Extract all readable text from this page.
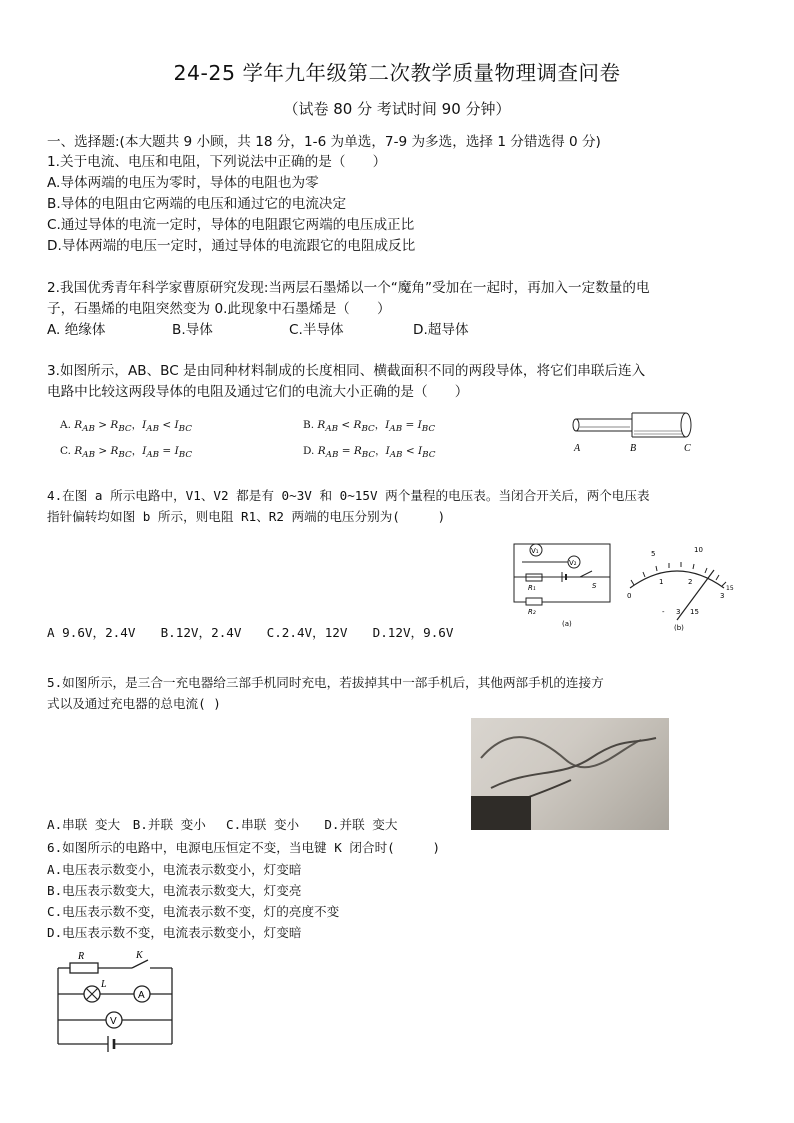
24-25 学年九年级第二次教学质量物理调查问卷
（试卷 80 分 考试时间 90 分钟）
一、选择题:(本大题共 9 小顾，共 18 分，1-6 为单选，7-9 为多选，选择 1 分错选得 0 分)
1.关于电流、电压和电阻，下列说法中正确的是（　　）
A.导体两端的电压为零时，导体的电阻也为零
B.导体的电阻由它两端的电压和通过它的电流决定
C.通过导体的电流一定时，导体的电阻跟它两端的电压成正比
D.导体两端的电压一定时，通过导体的电流跟它的电阻成反比
2.我国优秀青年科学家曹原研究发现:当两层石墨烯以一个“魔角”受加在一起时，再加入一定数量的电
子，石墨烯的电阻突然变为 0.此现象中石墨烯是（　　）
A. 绝缘体	B.导体	C.半导体	D.超导体
3.如图所示，AB、BC 是由同种材料制成的长度相同、横截面积不同的两段导体，将它们串联后连入
电路中比较这两段导体的电阻及通过它们的电流大小正确的是（　　）
A. $R_{AB} > R_{BC}$，$I_{AB} < I_{BC}$	B. $R_{AB} < R_{BC}$，$I_{AB} = I_{BC}$
C. $R_{AB} > R_{BC}$，$I_{AB} = I_{BC}$	D. $R_{AB} = R_{BC}$，$I_{AB} < I_{BC}$
A	B	C
4.在图 a 所示电路中，V1、V2 都是有 0~3V 和 0~15V 两个量程的电压表。当闭合开关后，两个电压表
指针偏转均如图 b 所示，则电阻 R1、R2 两端的电压分别为(　　　)
V₁
V₂
R₁	S
R₂
(a)
5	10
0
1	2
3
15
- 3 15
(b)
A 9.6V，2.4V　　B.12V，2.4V　　C.2.4V，12V　　D.12V，9.6V
5.如图所示，是三合一充电器给三部手机同时充电，若拔掉其中一部手机后，其他两部手机的连接方
式以及通过充电器的总电流( )
A.串联 变大　B.并联 变小　 C.串联 变小　　D.并联 变大
6.如图所示的电路中，电源电压恒定不变，当电键 K 闭合时(　　　)
A.电压表示数变小，电流表示数变小，灯变暗
B.电压表示数变大，电流表示数变大，灯变亮
C.电压表示数不变，电流表示数不变，灯的亮度不变
D.电压表示数不变，电流表示数变小，灯变暗
R	K
L
A
V
